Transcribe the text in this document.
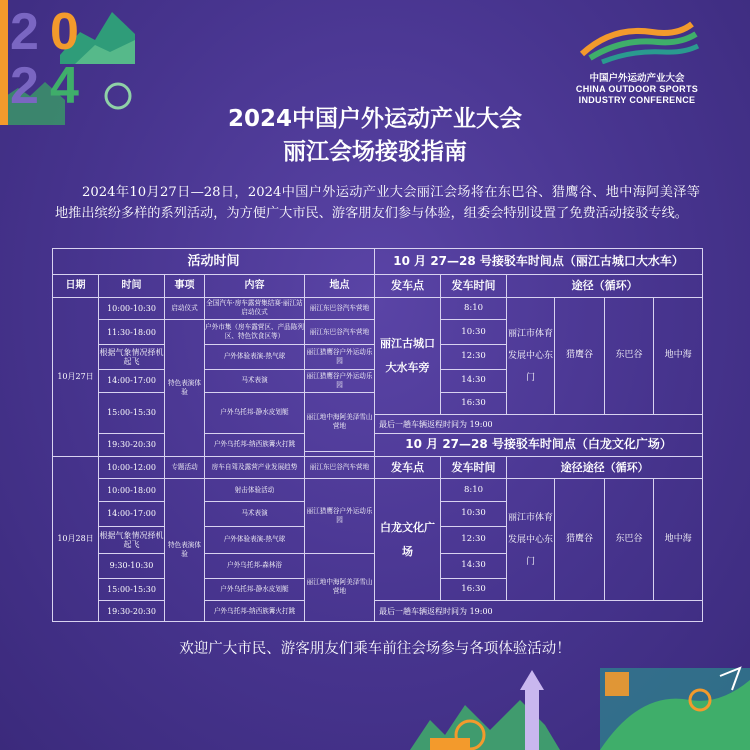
2 0
2 4	中国户外运动产业大会
CHINA OUTDOOR SPORTS
INDUSTRY CONFERENCE
2024中国户外运动产业大会
丽江会场接驳指南
2024年10月27日—28日，2024中国户外运动产业大会丽江会场将在东巴谷、猎鹰谷、地中海阿美泽等地推出缤纷多样的系列活动，为方便广大市民、游客朋友们参与体验，组委会特别设置了免费活动接驳专线。
活动时间					10 月 27—28 号接驳车时间点（丽江古城口大水车）					
日期	时间	事项	内容	地点	发车点	发车时间	途径（循环）			
10月27日	10:00-10:30	启动仪式	全国汽车·房车露营集结赛·丽江站启动仪式	丽江东巴谷汽车营地	丽江古城口大水车旁	8:10	丽江市体育发展中心东门	猎鹰谷	东巴谷	地中海
	11:30-18:00	特色表演体验	户外市集（房车露营区、产品陈列区、特色饮食区等）	丽江东巴谷汽车营地		10:30				
	根据气象情况择机起飞		户外体验表演-热气球	丽江猎鹰谷户外运动乐园		12:30				
	14:00-17:00		马术表演	丽江猎鹰谷户外运动乐园		14:30				
	15:00-15:30		户外乌托邦-静水皮划艇	丽江地中海阿美泽雪山营地		16:30				
					最后一趟车辆返程时间为 19:00					
	19:30-20:30		户外乌托邦-纳西族篝火打跳		10 月 27—28 号接驳车时间点（白龙文化广场）					

10月28日	10:00-12:00	专题活动	房车自驾及露营产业发展趋势	丽江东巴谷汽车营地	发车点	发车时间	途径途径（循环）			
	10:00-18:00	特色表演体验	射击体验活动	丽江猎鹰谷户外运动乐园	白龙文化广场	8:10	丽江市体育发展中心东门	猎鹰谷	东巴谷	地中海
	14:00-17:00		马术表演			10:30				
	根据气象情况择机起飞		户外体验表演-热气球			12:30				
	9:30-10:30		户外乌托邦-森林浴	丽江地中海阿美泽雪山营地		14:30				
	15:00-15:30		户外乌托邦-静水皮划艇			16:30				
	19:30-20:30		户外乌托邦-纳西族篝火打跳		最后一趟车辆返程时间为 19:00					
欢迎广大市民、游客朋友们乘车前往会场参与各项体验活动！
